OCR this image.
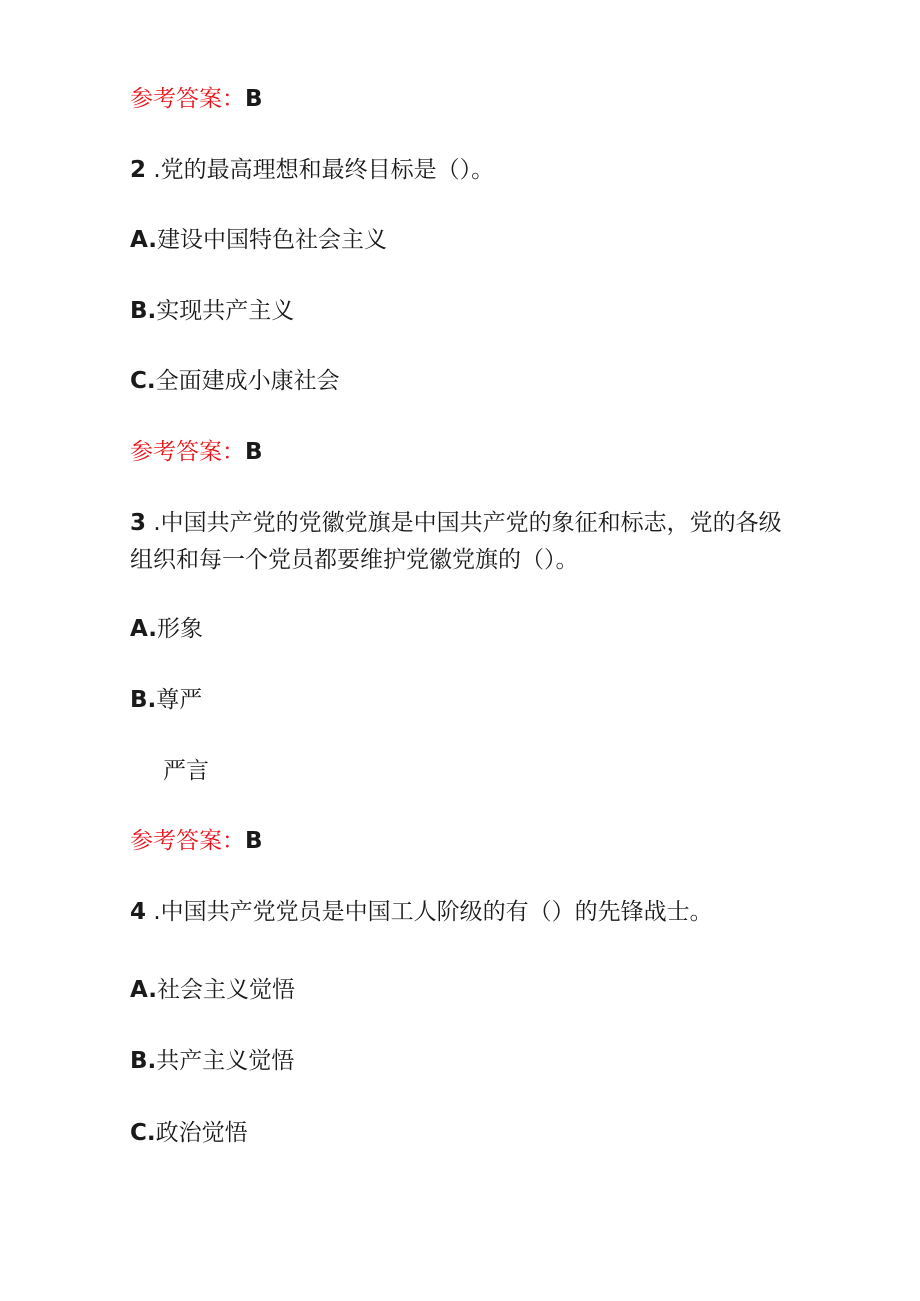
参考答案：B
2 .党的最高理想和最终目标是（）。
A.建设中国特色社会主义
B.实现共产主义
C.全面建成小康社会
参考答案：B
3 .中国共产党的党徽党旗是中国共产党的象征和标志，党的各级
组织和每一个党员都要维护党徽党旗的（）。
A.形象
B.尊严
严言
参考答案：B
4 .中国共产党党员是中国工人阶级的有（）的先锋战士。
A.社会主义觉悟
B.共产主义觉悟
C.政治觉悟
